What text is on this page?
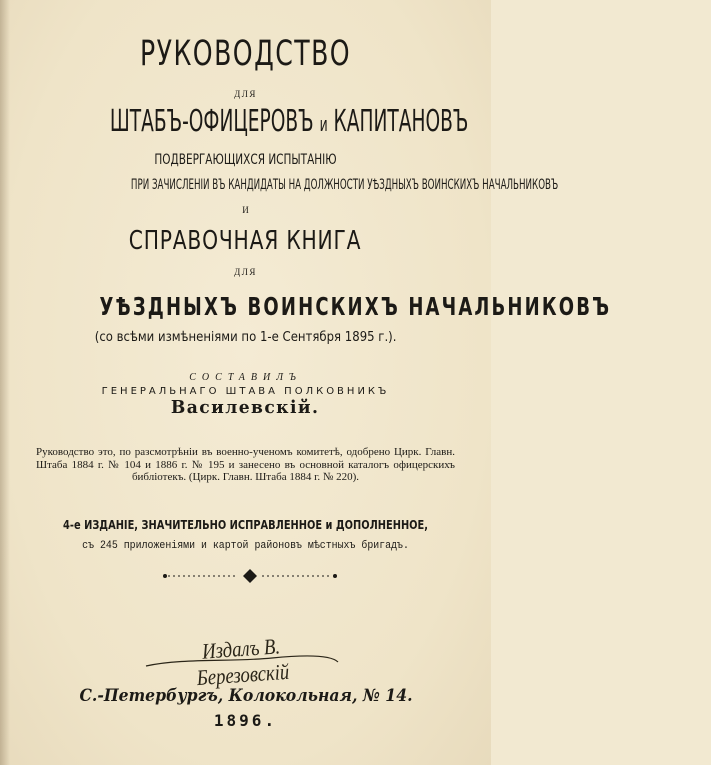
РУКОВОДСТВО
ДЛЯ
ШТАБЪ-ОФИЦЕРОВЪ и КАПИТАНОВЪ
ПОДВЕРГАЮЩИХСЯ ИСПЫТАНІЮ
ПРИ ЗАЧИСЛЕНІИ ВЪ КАНДИДАТЫ НА ДОЛЖНОСТИ УѢЗДНЫХЪ ВОИНСКИХЪ НАЧАЛЬНИКОВЪ
И
СПРАВОЧНАЯ КНИГА
ДЛЯ
УѢЗДНЫХЪ ВОИНСКИХЪ НАЧАЛЬНИКОВЪ
(со всѣми измѣненіями по 1-е Сентября 1895 г.).
СОСТАВИЛЪ
ГЕНЕРАЛЬНАГО ШТАВА ПОЛКОВНИКЪ
Василевскій.
Руководство это, по разсмотрѣніи въ военно-ученомъ комитетѣ, одобрено Цирк. Главн. Штаба 1884 г. № 104 и 1886 г. № 195 и занесено въ основной каталогъ офицерскихъ библіотекъ. (Цирк. Главн. Штаба 1884 г. № 220).
4-е ИЗДАНІЕ, ЗНАЧИТЕЛЬНО ИСПРАВЛЕННОЕ и ДОПОЛНЕННОЕ,
съ 245 приложеніями и картой районовъ мѣстныхъ бригадъ.
Издалъ В. Березовскій
С.-Петербургъ, Колокольная, № 14.
1896.
